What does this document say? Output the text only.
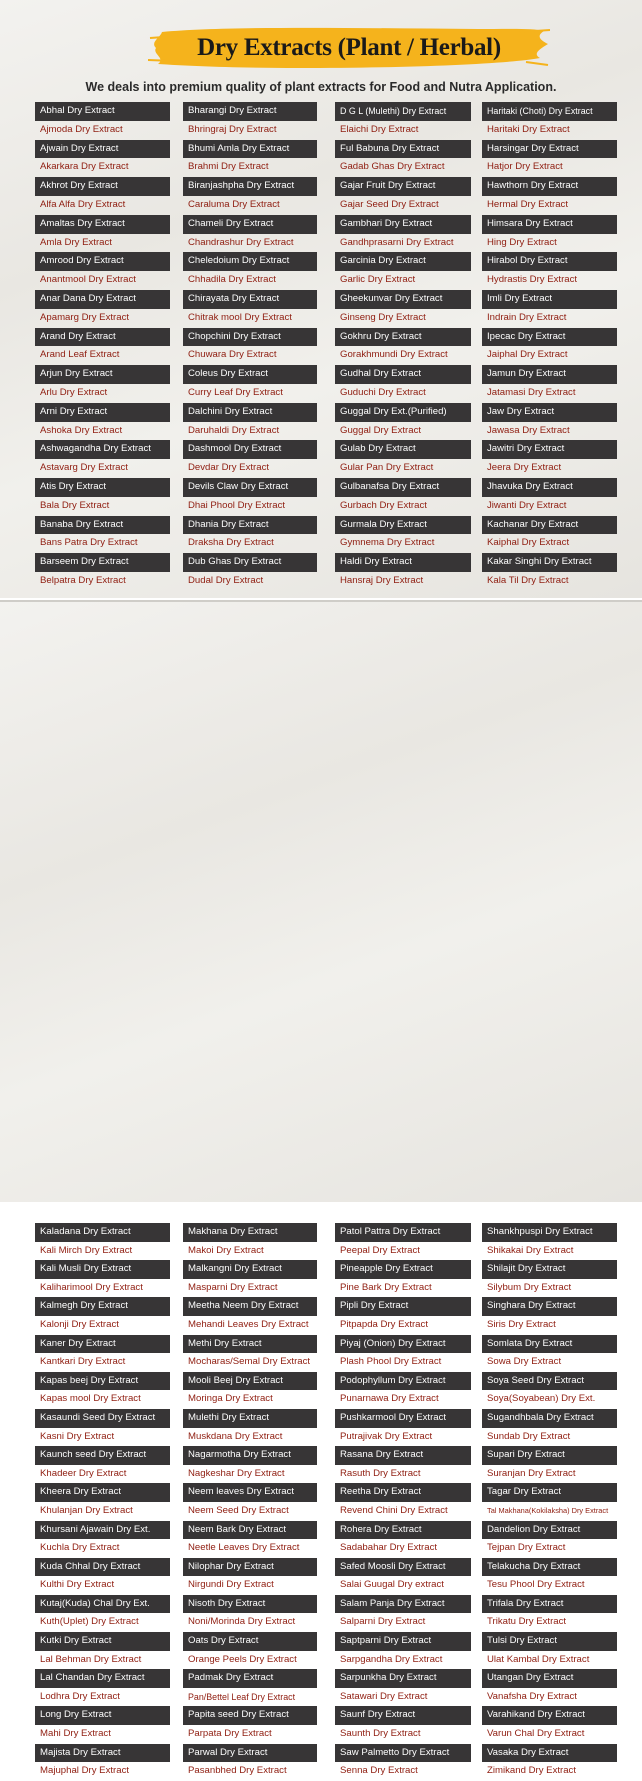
Dry Extracts (Plant / Herbal)
We deals into premium quality of plant extracts for Food and Nutra Application.
Abhal Dry Extract
Ajmoda Dry Extract
Ajwain Dry Extract
Akarkara Dry Extract
Akhrot Dry Extract
Alfa Alfa Dry Extract
Amaltas Dry Extract
Amla Dry Extract
Amrood Dry Extract
Anantmool Dry Extract
Anar Dana Dry Extract
Apamarg Dry Extract
Arand Dry Extract
Arand Leaf Extract
Arjun Dry Extract
Arlu Dry Extract
Arni Dry Extract
Ashoka Dry Extract
Ashwagandha Dry Extract
Astavarg Dry Extract
Atis Dry Extract
Bala Dry Extract
Banaba Dry Extract
Bans Patra Dry Extract
Barseem Dry Extract
Belpatra Dry Extract
Bharangi Dry Extract
Bhringraj Dry Extract
Bhumi Amla Dry Extract
Brahmi Dry Extract
Biranjashpha Dry Extract
Caraluma Dry Extract
Chameli Dry Extract
Chandrashur Dry Extract
Cheledoium Dry Extract
Chhadila Dry Extract
Chirayata Dry Extract
Chitrak mool Dry Extract
Chopchini Dry Extract
Chuwara Dry Extract
Coleus Dry Extract
Curry Leaf Dry Extract
Dalchini Dry Extract
Daruhaldi Dry Extract
Dashmool Dry Extract
Devdar Dry Extract
Devils Claw Dry Extract
Dhai Phool Dry Extract
Dhania Dry Extract
Draksha Dry Extract
Dub Ghas Dry Extract
Dudal Dry Extract
D G L (Mulethi) Dry Extract
Elaichi Dry Extract
Ful Babuna Dry Extract
Gadab Ghas Dry Extract
Gajar Fruit Dry Extract
Gajar Seed Dry Extract
Gambhari Dry Extract
Gandhprasarni Dry Extract
Garcinia Dry Extract
Garlic Dry Extract
Gheekunvar Dry Extract
Ginseng Dry Extract
Gokhru Dry Extract
Gorakhmundi Dry Extract
Gudhal Dry Extract
Guduchi Dry Extract
Guggal Dry Ext.(Purified)
Guggal Dry Extract
Gulab Dry Extract
Gular Pan Dry Extract
Gulbanafsa Dry Extract
Gurbach Dry Extract
Gurmala Dry Extract
Gymnema Dry Extract
Haldi Dry Extract
Hansraj Dry Extract
Haritaki (Choti) Dry Extract
Haritaki Dry Extract
Harsingar Dry Extract
Hatjor Dry Extract
Hawthorn Dry Extract
Hermal Dry Extract
Himsara Dry Extract
Hing Dry Extract
Hirabol Dry Extract
Hydrastis Dry Extract
Imli Dry Extract
Indrain Dry Extract
Ipecac Dry Extract
Jaiphal Dry Extract
Jamun Dry Extract
Jatamasi Dry Extract
Jaw Dry Extract
Jawasa Dry Extract
Jawitri Dry Extract
Jeera Dry Extract
Jhavuka Dry Extract
Jiwanti Dry Extract
Kachanar Dry Extract
Kaiphal Dry Extract
Kakar Singhi Dry Extract
Kala Til Dry Extract
Kaladana Dry Extract
Kali Mirch Dry Extract
Kali Musli Dry Extract
Kaliharimool Dry Extract
Kalmegh Dry Extract
Kalonji Dry Extract
Kaner Dry Extract
Kantkari Dry Extract
Kapas beej Dry Extract
Kapas mool Dry Extract
Kasaundi Seed Dry Extract
Kasni Dry Extract
Kaunch seed Dry Extract
Khadeer Dry Extract
Kheera Dry Extract
Khulanjan Dry Extract
Khursani Ajawain Dry Ext.
Kuchla Dry Extract
Kuda Chhal Dry Extract
Kulthi Dry Extract
Kutaj(Kuda) Chal Dry Ext.
Kuth(Uplet) Dry Extract
Kutki Dry Extract
Lal Behman Dry Extract
Lal Chandan Dry Extract
Lodhra Dry Extract
Long Dry Extract
Mahi Dry Extract
Majista Dry Extract
Majuphal Dry Extract
Makhana Dry Extract
Makoi Dry Extract
Malkangni Dry Extract
Masparni Dry Extract
Meetha Neem Dry Extract
Mehandi Leaves Dry Extract
Methi Dry Extract
Mocharas/Semal Dry Extract
Mooli Beej Dry Extract
Moringa Dry Extract
Mulethi Dry Extract
Muskdana Dry Extract
Nagarmotha Dry Extract
Nagkeshar Dry Extract
Neem leaves Dry Extract
Neem Seed Dry Extract
Neem Bark Dry Extract
Neetle Leaves Dry Extract
Nilophar Dry Extract
Nirgundi Dry Extract
Nisoth Dry Extract
Noni/Morinda Dry Extract
Oats Dry Extract
Orange Peels Dry Extract
Padmak Dry Extract
Pan/Bettel Leaf Dry Extract
Papita seed Dry Extract
Parpata Dry Extract
Parwal Dry Extract
Pasanbhed Dry Extract
Patol Pattra Dry Extract
Peepal Dry Extract
Pineapple Dry Extract
Pine Bark Dry Extract
Pipli Dry Extract
Pitpapda Dry Extract
Piyaj (Onion) Dry Extract
Plash Phool Dry Extract
Podophyllum Dry Extract
Punarnawa Dry Extract
Pushkarmool Dry Extract
Putrajivak Dry Extract
Rasana Dry Extract
Rasuth Dry Extract
Reetha Dry Extract
Revend Chini Dry Extract
Rohera Dry Extract
Sadabahar Dry Extract
Safed Moosli Dry Extract
Salai Guugal Dry extract
Salam Panja Dry Extract
Salparni Dry Extract
Saptparni Dry Extract
Sarpgandha Dry Extract
Sarpunkha Dry Extract
Satawari Dry Extract
Saunf Dry Extract
Saunth Dry Extract
Saw Palmetto Dry Extract
Senna Dry Extract
Shankhpuspi Dry Extract
Shikakai Dry Extract
Shilajit Dry Extract
Silybum Dry Extract
Singhara Dry Extract
Siris Dry Extract
Somlata Dry Extract
Sowa Dry Extract
Soya Seed Dry Extract
Soya(Soyabean) Dry Ext.
Sugandhbala Dry Extract
Sundab Dry Extract
Supari Dry Extract
Suranjan Dry Extract
Tagar Dry Extract
Tal Makhana(Kokilaksha) Dry Extract
Dandelion Dry Extract
Tejpan Dry Extract
Telakucha Dry Extract
Tesu Phool Dry Extract
Trifala Dry Extract
Trikatu Dry Extract
Tulsi Dry Extract
Ulat Kambal Dry Extract
Utangan Dry Extract
Vanafsha Dry Extract
Varahikand Dry Extract
Varun Chal Dry Extract
Vasaka Dry Extract
Zimikand Dry Extract
